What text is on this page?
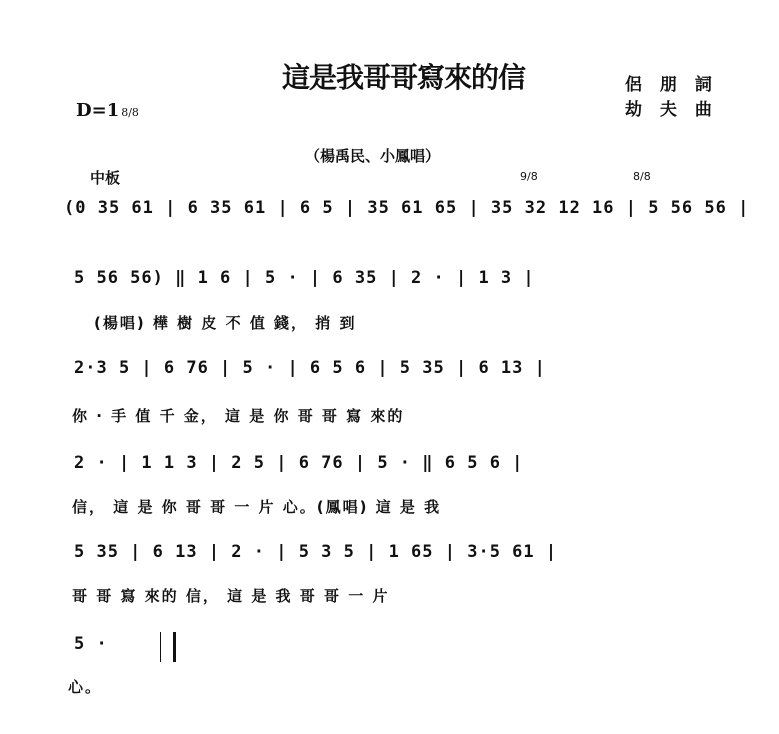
這是我哥哥寫來的信	侶 朋 詞
劫 夫 曲
D=1 8/8
（楊禹民、小鳳唱）
中板	9/8	8/8
(0 35 61 | 6 35 61 | 6 5 | 35 61 65 | 35 32 12 16 | 5 56 56 |
5 56 56) ‖ 1 6 | 5 · | 6 35 | 2 · | 1 3 |
(楊唱) 樺 樹 皮 不 值 錢， 捎 到
2·3 5 | 6 76 | 5 · | 6 5 6 | 5 35 | 6 13 |
你 · 手 值 千 金， 這 是 你 哥 哥 寫 來的
2 · | 1 1 3 | 2 5 | 6 76 | 5 · ‖ 6 5 6 |
信， 這 是 你 哥 哥 一 片 心。(鳳唱) 這 是 我
5 35 | 6 13 | 2 · | 5 3 5 | 1 65 | 3·5 61 |
哥 哥 寫 來的 信， 這 是 我 哥 哥 一 片
5 ·
心。
